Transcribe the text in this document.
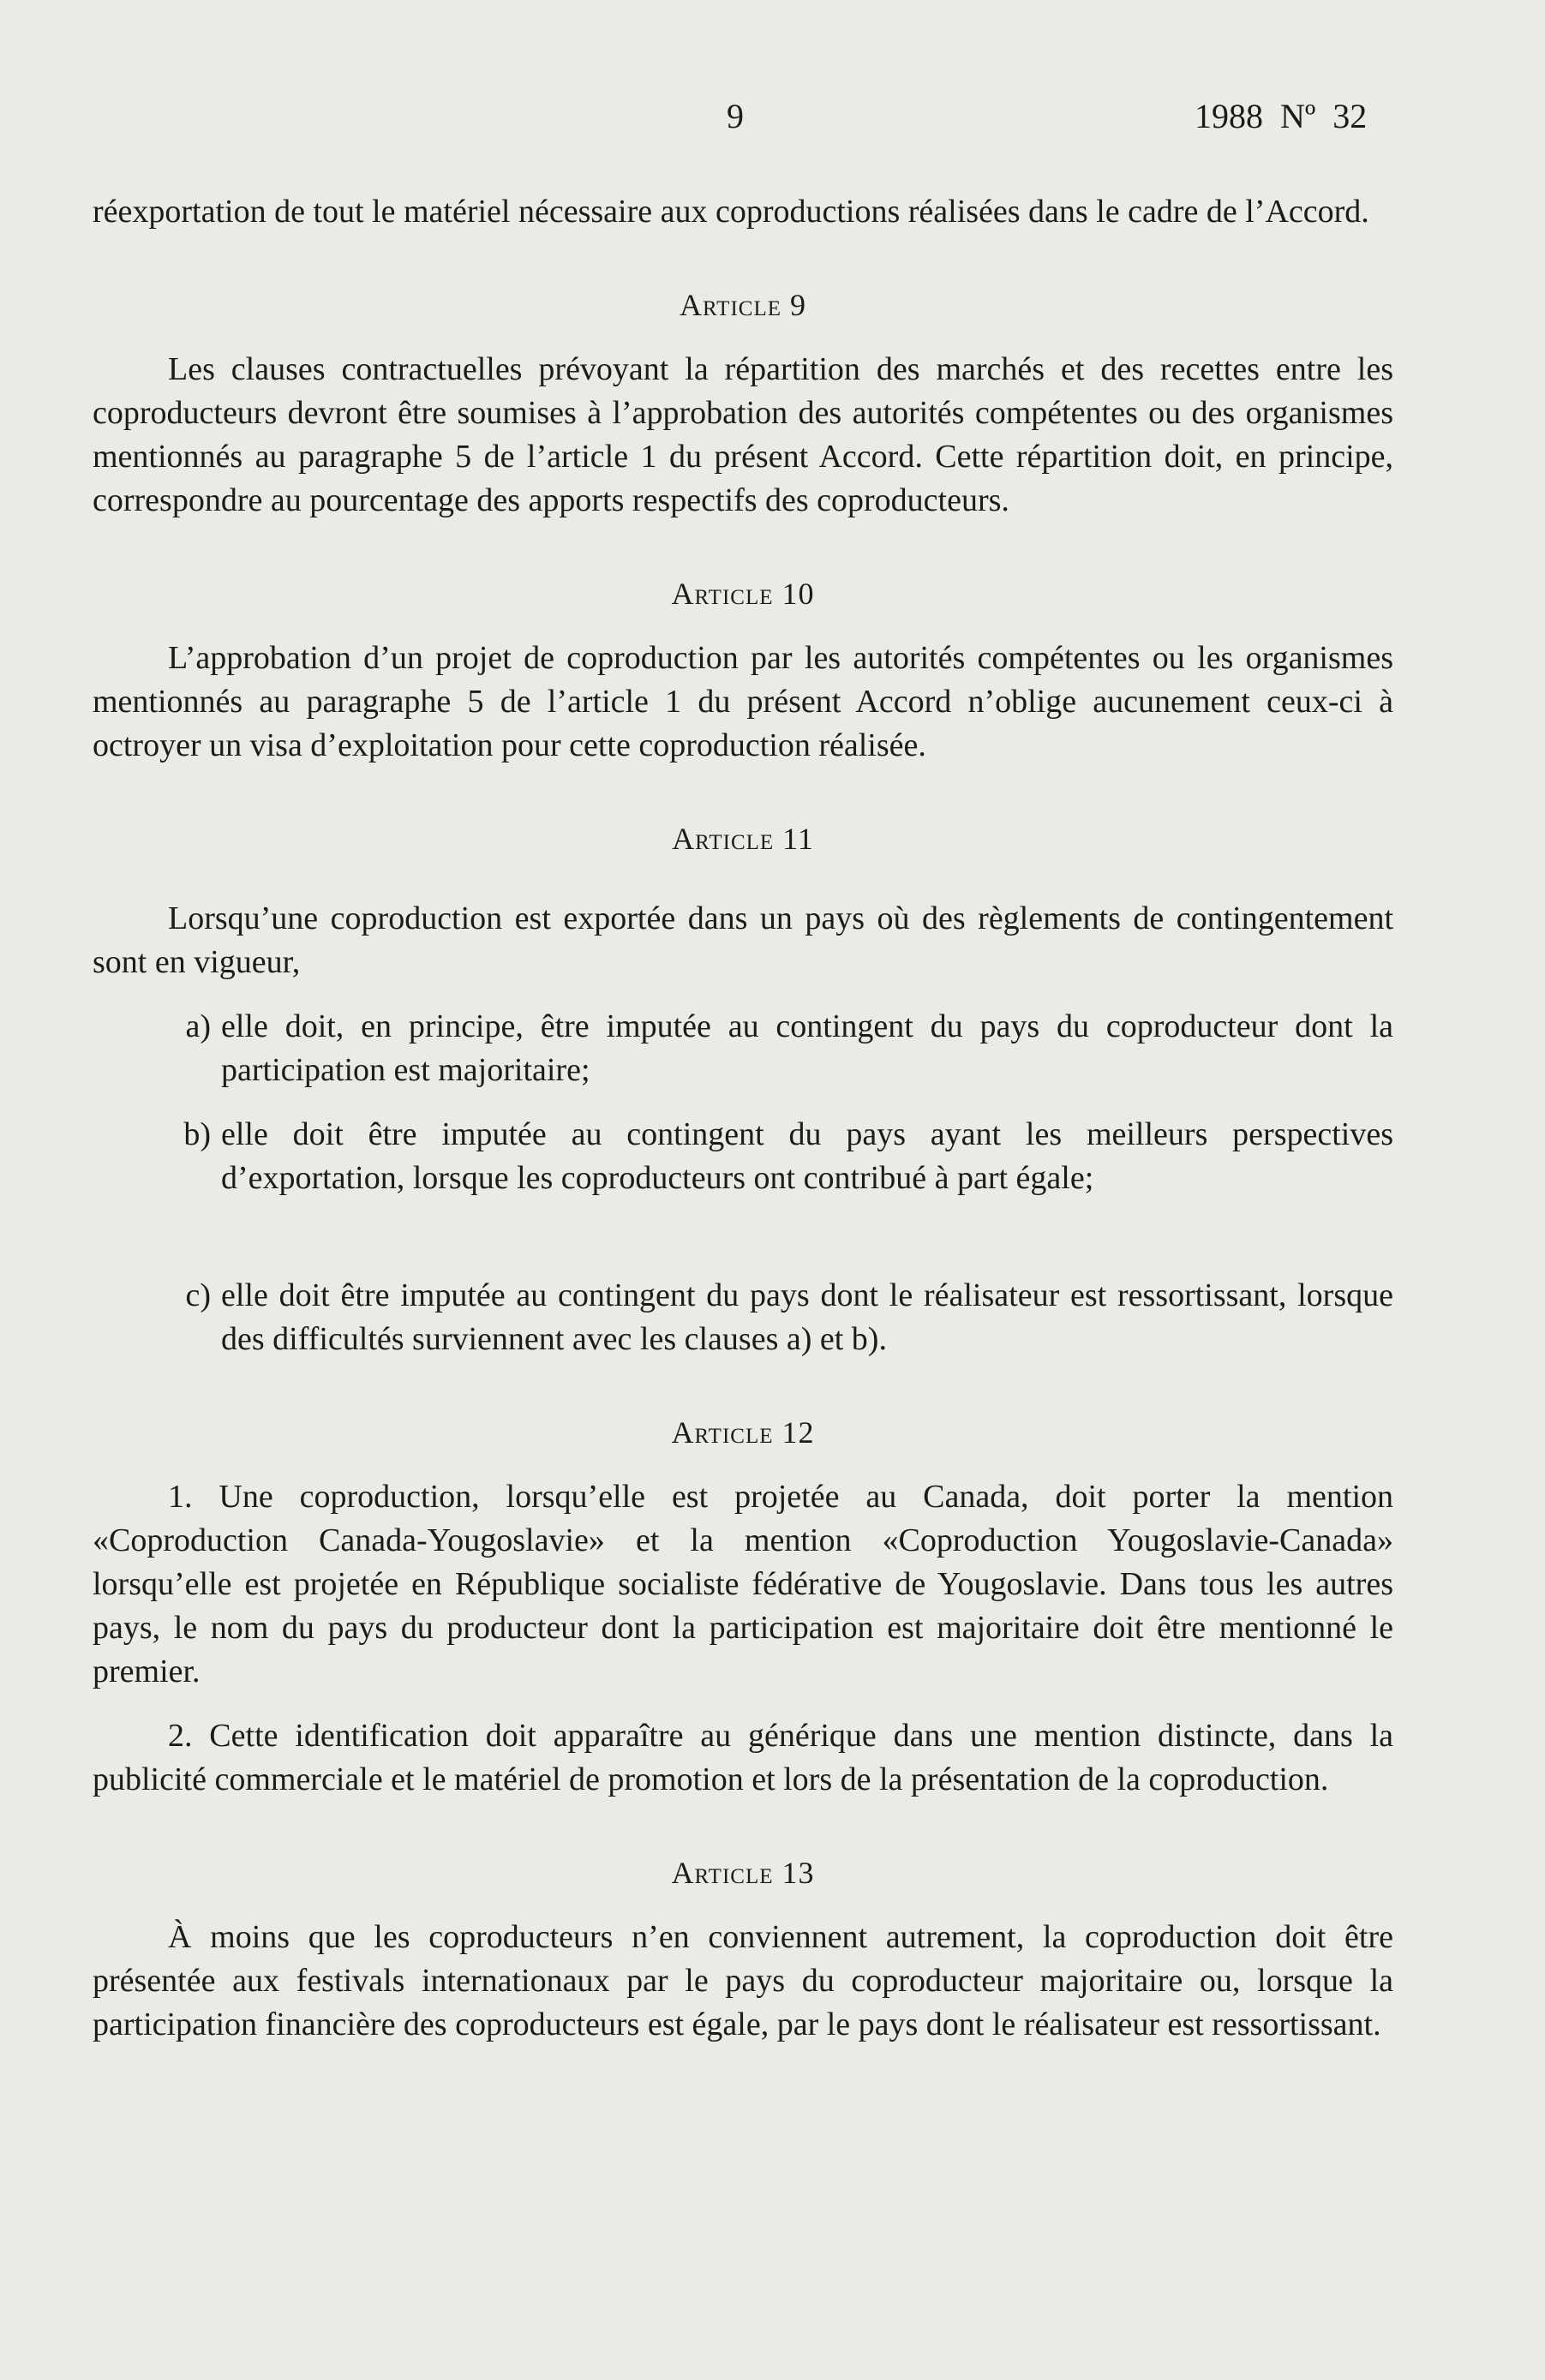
9	1988 Nº 32

réexportation de tout le matériel nécessaire aux coproductions réalisées dans le cadre de l’Accord.

Article 9

Les clauses contractuelles prévoyant la répartition des marchés et des recettes entre les coproducteurs devront être soumises à l’approbation des autorités compétentes ou des organismes mentionnés au paragraphe 5 de l’article 1 du présent Accord. Cette répartition doit, en principe, correspondre au pourcentage des apports respectifs des coproducteurs.

Article 10

L’approbation d’un projet de coproduction par les autorités compétentes ou les organismes mentionnés au paragraphe 5 de l’article 1 du présent Accord n’oblige aucunement ceux-ci à octroyer un visa d’exploitation pour cette coproduction réalisée.

Article 11

Lorsqu’une coproduction est exportée dans un pays où des règlements de contingentement sont en vigueur,

a) elle doit, en principe, être imputée au contingent du pays du coproducteur dont la participation est majoritaire;
b) elle doit être imputée au contingent du pays ayant les meilleurs perspectives d’exportation, lorsque les coproducteurs ont contribué à part égale;
c) elle doit être imputée au contingent du pays dont le réalisateur est ressortissant, lorsque des difficultés surviennent avec les clauses a) et b).
Article 12

1. Une coproduction, lorsqu’elle est projetée au Canada, doit porter la mention «Coproduction Canada-Yougoslavie» et la mention «Coproduction Yougoslavie-Canada» lorsqu’elle est projetée en République socialiste fédérative de Yougoslavie. Dans tous les autres pays, le nom du pays du producteur dont la participation est majoritaire doit être mentionné le premier.

2. Cette identification doit apparaître au générique dans une mention distincte, dans la publicité commerciale et le matériel de promotion et lors de la présentation de la coproduction.

Article 13

À moins que les coproducteurs n’en conviennent autrement, la coproduction doit être présentée aux festivals internationaux par le pays du coproducteur majoritaire ou, lorsque la participation financière des coproducteurs est égale, par le pays dont le réalisateur est ressortissant.
